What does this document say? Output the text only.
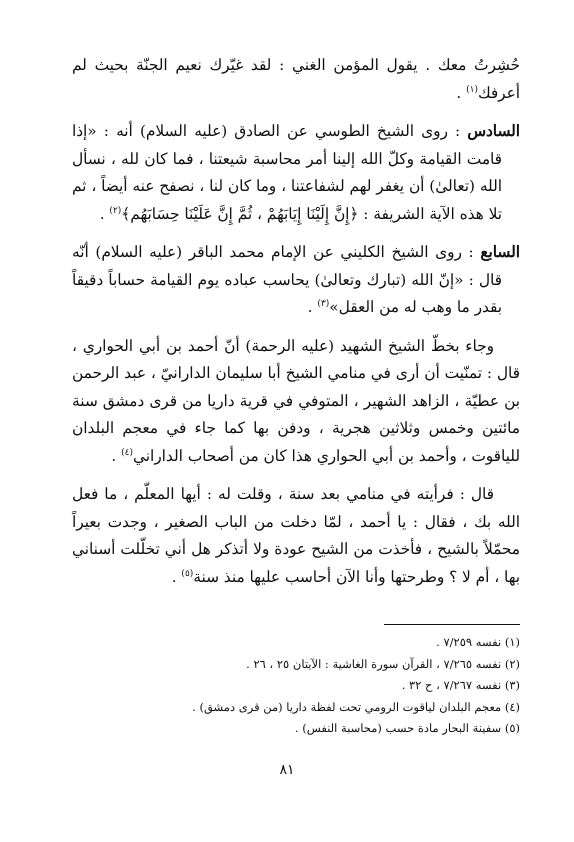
حُشِرتُ معك . يقول المؤمن الغني : لقد غيّرك نعيم الجنّة بحيث لم أعرفك$^{(١)}$ .

السادس : روى الشيخ الطوسي عن الصادق (عليه السلام) أنه : «إذا قامت القيامة وكلّ الله إلينا أمر محاسبة شيعتنا ، فما كان لله ، نسأل الله (تعالىٰ) أن يغفر لهم لشفاعتنا ، وما كان لنا ، نصفح عنه أيضاً ، ثم تلا هذه الآية الشريفة : ﴿إِنَّ إِلَيْنَا إِيَابَهُمْ ، ثُمَّ إِنَّ عَلَيْنَا حِسَابَهُم﴾$^{(٢)}$ .

السابع : روى الشيخ الكليني عن الإمام محمد الباقر (عليه السلام) أنّه قال : «إنّ الله (تبارك وتعالىٰ) يحاسب عباده يوم القيامة حساباً دقيقاً بقدر ما وهب له من العقل»$^{(٣)}$ .

وجاء بخطّ الشيخ الشهيد (عليه الرحمة) أنّ أحمد بن أبي الحواري ، قال : تمنّيت أن أرى في منامي الشيخ أبا سليمان الدارانيّ ، عبد الرحمن بن عطيّة ، الزاهد الشهير ، المتوفي في قرية داريا من قرى دمشق سنة مائتين وخمس وثلاثين هجرية ، ودفن بها كما جاء في معجم البلدان للياقوت ، وأحمد بن أبي الحواري هذا كان من أصحاب الداراني$^{(٤)}$ .

قال : فرأيته في منامي بعد سنة ، وقلت له : أيها المعلّم ، ما فعل الله بك ، فقال : يا أحمد ، لمّا دخلت من الباب الصغير ، وجدت بعيراً محمّلاً بالشيح ، فأخذت من الشيح عودة ولا أتذكر هل أني تخلّلت أسناني بها ، أم لا ؟ وطرحتها وأنا الآن أحاسب عليها منذ سنة$^{(٥)}$ .

(١) نفسه ٧/٢٥٩ .
(٢) نفسه ٧/٢٦٥ ، القرآن سورة الغاشية : الآيتان ٢٥ ، ٢٦ .
(٣) نفسه ٧/٢٦٧ ، ح ٣٢ .
(٤) معجم البلدان لياقوت الرومي تحت لفظة داريا (من قرى دمشق) .
(٥) سفينة البحار مادة حسب (محاسبة النفس) .
٨١
